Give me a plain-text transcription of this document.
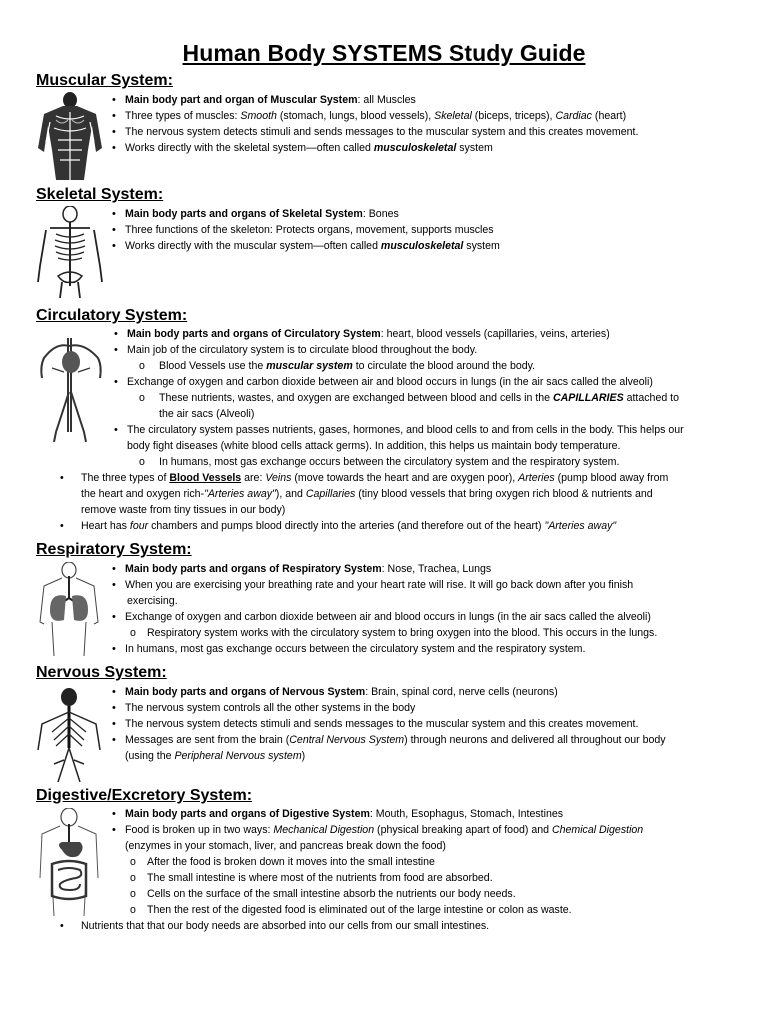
Human Body SYSTEMS Study Guide
Muscular System:
• Main body part and organ of Muscular System: all Muscles
• Three types of muscles: Smooth (stomach, lungs, blood vessels), Skeletal (biceps, triceps), Cardiac (heart)
• The nervous system detects stimuli and sends messages to the muscular system and this creates movement.
• Works directly with the skeletal system—often called musculoskeletal system
Skeletal System:
• Main body parts and organs of Skeletal System: Bones
• Three functions of the skeleton: Protects organs, movement, supports muscles
• Works directly with the muscular system—often called musculoskeletal system
Circulatory System:
• Main body parts and organs of Circulatory System: heart, blood vessels (capillaries, veins, arteries)
• Main job of the circulatory system is to circulate blood throughout the body.
o Blood Vessels use the muscular system to circulate the blood around the body.
• Exchange of oxygen and carbon dioxide between air and blood occurs in lungs (in the air sacs called the alveoli)
o These nutrients, wastes, and oxygen are exchanged between blood and cells in the CAPILLARIES attached to
the air sacs (Alveoli)
• The circulatory system passes nutrients, gases, hormones, and blood cells to and from cells in the body. This helps our
body fight diseases (white blood cells attack germs). In addition, this helps us maintain body temperature.
o In humans, most gas exchange occurs between the circulatory system and the respiratory system.
• The three types of Blood Vessels are: Veins (move towards the heart and are oxygen poor), Arteries (pump blood away from
the heart and oxygen rich-"Arteries away"), and Capillaries (tiny blood vessels that bring oxygen rich blood & nutrients and
remove waste from tiny tissues in our body)
• Heart has four chambers and pumps blood directly into the arteries (and therefore out of the heart) "Arteries away"
Respiratory System:
• Main body parts and organs of Respiratory System: Nose, Trachea, Lungs
• When you are exercising your breathing rate and your heart rate will rise. It will go back down after you finish
exercising.
• Exchange of oxygen and carbon dioxide between air and blood occurs in lungs (in the air sacs called the alveoli)
o Respiratory system works with the circulatory system to bring oxygen into the blood. This occurs in the lungs.
• In humans, most gas exchange occurs between the circulatory system and the respiratory system.
Nervous System:
• Main body parts and organs of Nervous System: Brain, spinal cord, nerve cells (neurons)
• The nervous system controls all the other systems in the body
• The nervous system detects stimuli and sends messages to the muscular system and this creates movement.
• Messages are sent from the brain (Central Nervous System) through neurons and delivered all throughout our body
(using the Peripheral Nervous system)
Digestive/Excretory System:
• Main body parts and organs of Digestive System: Mouth, Esophagus, Stomach, Intestines
• Food is broken up in two ways: Mechanical Digestion (physical breaking apart of food) and Chemical Digestion
(enzymes in your stomach, liver, and pancreas break down the food)
o After the food is broken down it moves into the small intestine
o The small intestine is where most of the nutrients from food are absorbed.
o Cells on the surface of the small intestine absorb the nutrients our body needs.
o Then the rest of the digested food is eliminated out of the large intestine or colon as waste.
• Nutrients that that our body needs are absorbed into our cells from our small intestines.
